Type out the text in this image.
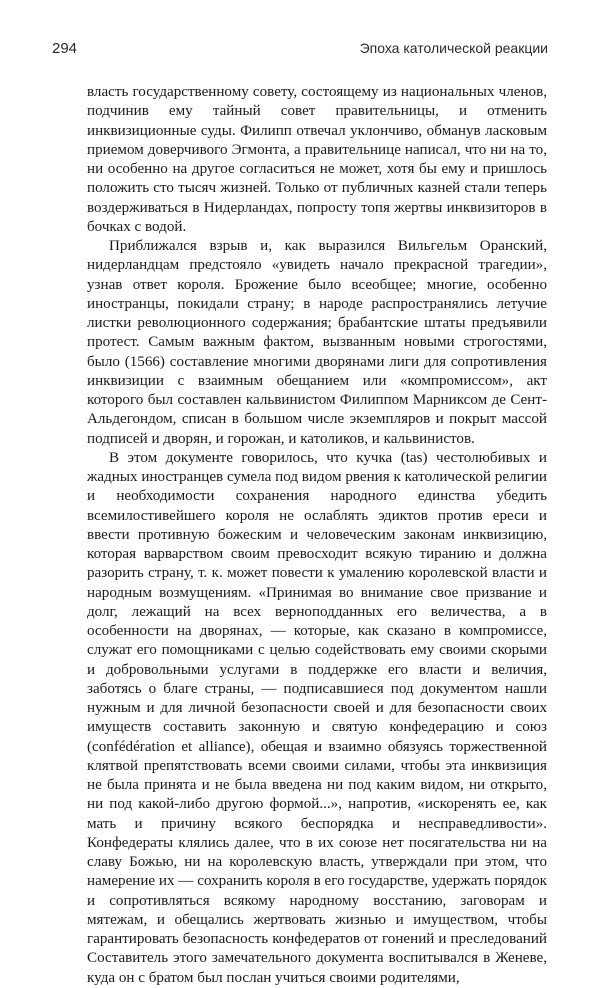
294	Эпоха католической реакции

власть государственному совету, состоящему из национальных членов, подчинив ему тайный совет правительницы, и отменить инквизиционные суды. Филипп отвечал уклончиво, обманув ласковым приемом доверчивого Эгмонта, а правительнице написал, что ни на то, ни особенно на другое согласиться не может, хотя бы ему и пришлось положить сто тысяч жизней. Только от публичных казней стали теперь воздерживаться в Нидерландах, попросту топя жертвы инквизиторов в бочках с водой.

Приближался взрыв и, как выразился Вильгельм Оранский, нидерландцам предстояло «увидеть начало прекрасной трагедии», узнав ответ короля. Брожение было всеобщее; многие, особенно иностранцы, покидали страну; в народе распространялись летучие листки революционного содержания; брабантские штаты предъявили протест. Самым важным фактом, вызванным новыми строгостями, было (1566) составление многими дворянами лиги для сопротивления инквизиции с взаимным обещанием или «компромиссом», акт которого был составлен кальвинистом Филиппом Марниксом де Сент-Альдегондом, списан в большом числе экземпляров и покрыт массой подписей и дворян, и горожан, и католиков, и кальвинистов.

В этом документе говорилось, что кучка (tas) честолюбивых и жадных иностранцев сумела под видом рвения к католической религии и необходимости сохранения народного единства убедить всемилостивейшего короля не ослаблять эдиктов против ереси и ввести противную божеским и человеческим законам инквизицию, которая варварством своим превосходит всякую тиранию и должна разорить страну, т. к. может повести к умалению королевской власти и народным возмущениям. «Принимая во внимание свое призвание и долг, лежащий на всех верноподданных его величества, а в особенности на дворянах, — которые, как сказано в компромиссе, служат его помощниками с целью содействовать ему своими скорыми и добровольными услугами в поддержке его власти и величия, заботясь о благе страны, — подписавшиеся под документом нашли нужным и для личной безопасности своей и для безопасности своих имуществ составить законную и святую конфедерацию и союз (confédération et alliance), обещая и взаимно обязуясь торжественной клятвой препятствовать всеми своими силами, чтобы эта инквизиция не была принята и не была введена ни под каким видом, ни открыто, ни под какой-либо другою формой...», напротив, «искоренять ее, как мать и причину всякого беспорядка и несправедливости». Конфедераты клялись далее, что в их союзе нет посягательства ни на славу Божью, ни на королевскую власть, утверждали при этом, что намерение их — сохранить короля в его государстве, удержать порядок и сопротивляться всякому народному восстанию, заговорам и мятежам, и обещались жертвовать жизнью и имуществом, чтобы гарантировать безопасность конфедератов от гонений и преследований Составитель этого замечательного документа воспитывался в Женеве, куда он с братом был послан учиться своими родителями,
